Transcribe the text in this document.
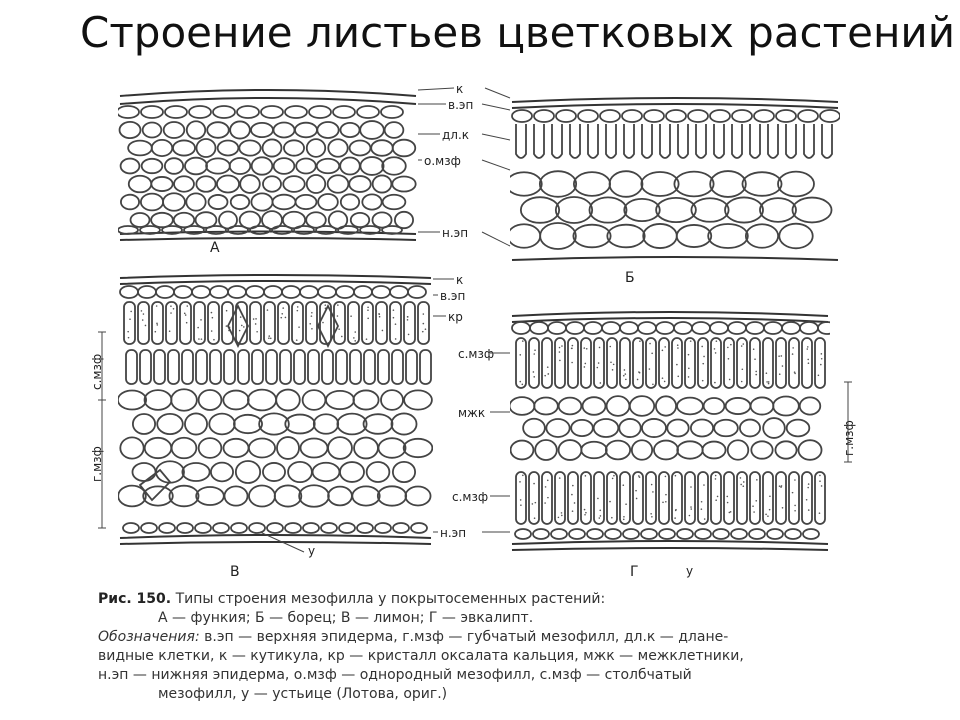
Строение листьев цветковых растений
А
Б
В	Г
к
в.эп
дл.к
о.мзф
н.эп
к
в.эп
кр
с.мзф
мжк
с.мзф
н.эп
с.мзф
г.мзф
у
г.мзф
у
Рис. 150. Типы строения мезофилла у покрытосеменных растений:
А — функия; Б — борец; В — лимон; Г — эвкалипт.
Обозначения: в.эп — верхняя эпидерма, г.мзф — губчатый мезофилл, дл.к — длане-
видные клетки, к — кутикула, кр — кристалл оксалата кальция, мжк — межклетники,
н.эп — нижняя эпидерма, о.мзф — однородный мезофилл, с.мзф — столбчатый
мезофилл, у — устьице (Лотова, ориг.)
